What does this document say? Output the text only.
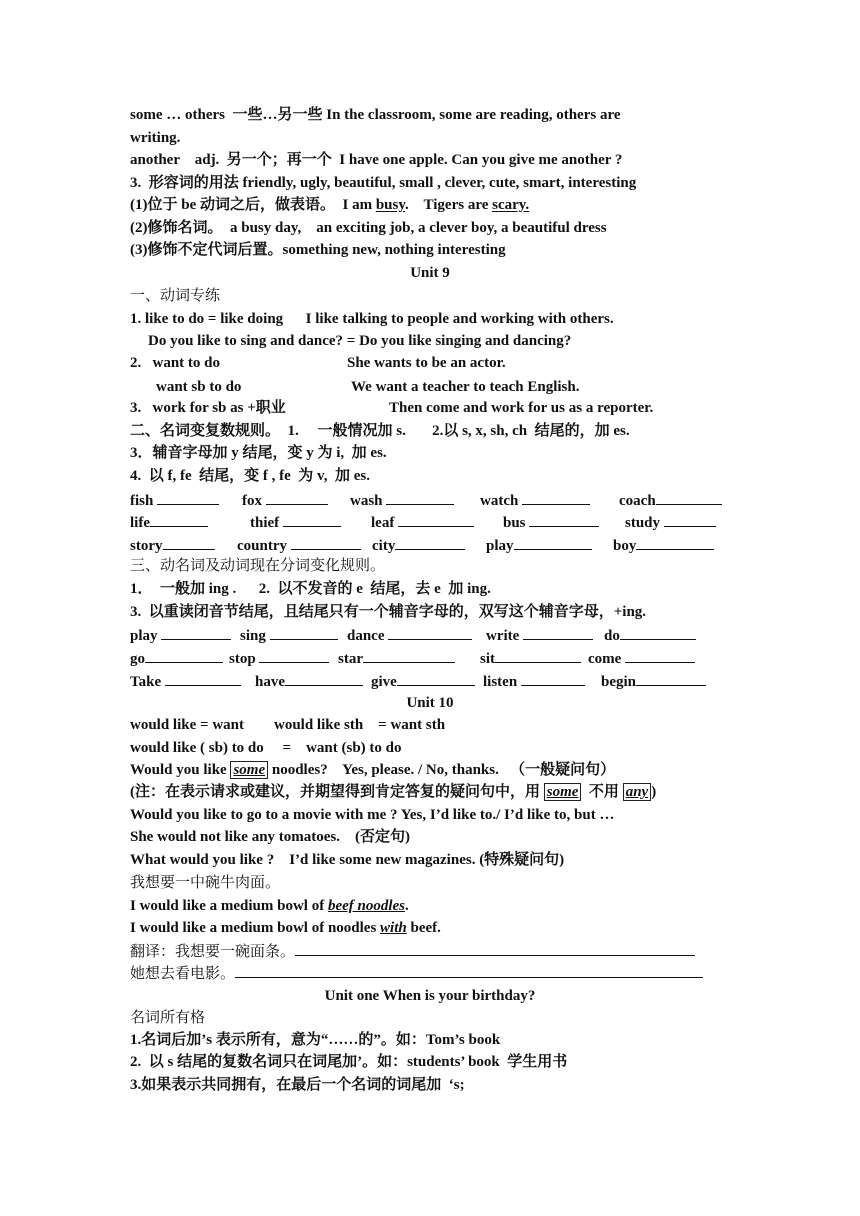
some … others  一些…另一些 In the classroom, some are reading, others are
writing.
another    adj.  另一个；再一个  I have one apple. Can you give me another ?
3.  形容词的用法 friendly, ugly, beautiful, small , clever, cute, smart, interesting
(1)位于 be 动词之后，做表语。  I am busy.    Tigers are scary.
(2)修饰名词。  a busy day,    an exciting job, a clever boy, a beautiful dress
(3)修饰不定代词后置。something new, nothing interesting
Unit 9
一、动词专练
1. like to do = like doing      I like talking to people and working with others.
Do you like to sing and dance? = Do you like singing and dancing?
2.   want to do	She wants to be an actor.
want sb to do	We want a teacher to teach English.
3.   work for sb as +职业	Then come and work for us as a reporter.
二、名词变复数规则。  1.     一般情况加 s.       2.以 s, x, sh, ch  结尾的，加 es.
3．辅音字母加 y 结尾，变 y 为 i,  加 es.
4.  以 f, fe  结尾，变 f , fe  为 v,  加 es.
fish	fox	wash	watch	coach
life	thief	leaf	bus	study
story	country	city	play	boy
三、动名词及动词现在分词变化规则。
1．  一般加 ing .      2.  以不发音的 e  结尾，去 e  加 ing.
3.  以重读闭音节结尾，且结尾只有一个辅音字母的，双写这个辅音字母，+ing.
play	sing	dance	write	do
go	stop	star	sit	come
Take	have	give	listen	begin
Unit 10
would like = want        would like sth    = want sth
would like ( sb) to do     =    want (sb) to do
Would you like some noodles?    Yes, please. / No, thanks.   （一般疑问句）
(注：在表示请求或建议，并期望得到肯定答复的疑问句中，用 some  不用 any )
Would you like to go to a movie with me ? Yes, I’d like to./ I’d like to, but …
She would not like any tomatoes.    (否定句)
What would you like ?    I’d like some new magazines. (特殊疑问句)
我想要一中碗牛肉面。
I would like a medium bowl of beef noodles.
I would like a medium bowl of noodles with beef.
翻译：我想要一碗面条。
她想去看电影。
Unit one When is your birthday?
名词所有格
1.名词后加’s 表示所有，意为“……的”。如：Tom’s book
2.  以 s 结尾的复数名词只在词尾加’。如：students’ book  学生用书
3.如果表示共同拥有，在最后一个名词的词尾加  ‘s;
